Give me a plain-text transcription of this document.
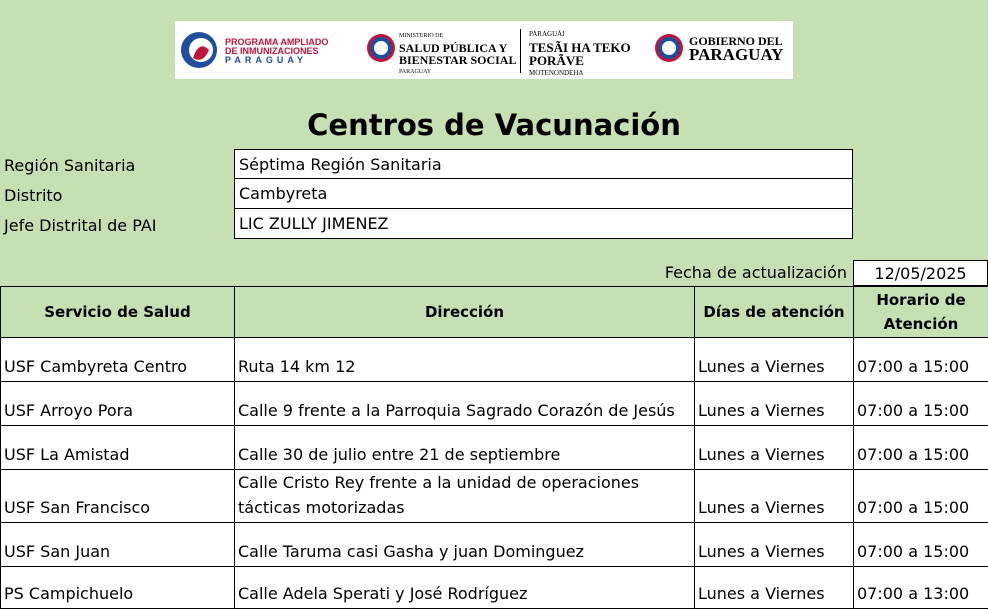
PROGRAMA AMPLIADO
DE INMUNIZACIONES
PARAGUAY
MINISTERIO DE
SALUD PÚBLICA Y
BIENESTAR SOCIAL
PARAGUAY
PARAGUÁI
TESÃI HA TEKO
PORÃVE
MOTENONDEHA
GOBIERNO DEL
PARAGUAY
Centros de Vacunación
Región Sanitaria	Séptima Región Sanitaria
Distrito	Cambyreta
Jefe Distrital de PAI	LIC ZULLY JIMENEZ
Fecha de actualización	12/05/2025
Servicio de Salud	Dirección	Días de atención	Horario de Atención
USF Cambyreta Centro	Ruta 14 km 12	Lunes a Viernes	07:00 a 15:00
USF Arroyo Pora	Calle 9 frente a la Parroquia Sagrado Corazón de Jesús	Lunes a Viernes	07:00 a 15:00
USF La Amistad	Calle 30 de julio entre 21 de septiembre	Lunes a Viernes	07:00 a 15:00
USF San Francisco	Calle Cristo Rey frente a la unidad de operaciones tácticas motorizadas	Lunes a Viernes	07:00 a 15:00
USF San Juan	Calle Taruma casi Gasha y juan Dominguez	Lunes a Viernes	07:00 a 15:00
PS Campichuelo	Calle Adela Sperati y José Rodríguez	Lunes a Viernes	07:00 a 13:00
